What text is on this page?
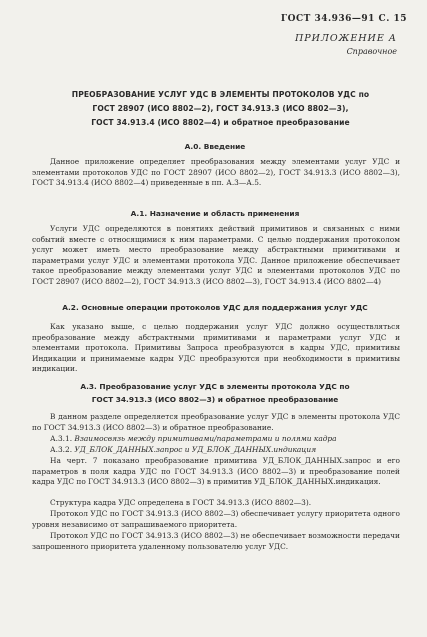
ГОСТ 34.936—91 С. 15
ПРИЛОЖЕНИЕ А
Справочное
ПРЕОБРАЗОВАНИЕ УСЛУГ УДС В ЭЛЕМЕНТЫ ПРОТОКОЛОВ УДС по
ГОСТ 28907 (ИСО 8802—2), ГОСТ 34.913.3 (ИСО 8802—3),
ГОСТ 34.913.4 (ИСО 8802—4) и обратное преобразование
А.0. Введение
Данное приложение определяет преобразования между элементами услуг УДС и элементами протоколов УДС по ГОСТ 28907 (ИСО 8802—2), ГОСТ 34.913.3 (ИСО 8802—3), ГОСТ 34.913.4 (ИСО 8802—4) приведенные в пп. А.3—А.5.
А.1. Назначение и область применения
Услуги УДС определяются в понятиях действий примитивов и связанных с ними событий вместе с относящимися к ним параметрами. С целью поддержания протоколом услуг может иметь место преобразование между абстрактными примитивами и параметрами услуг УДС и элементами протокола УДС. Данное приложение обеспечивает такое преобразование между элементами услуг УДС и элементами протоколов УДС по ГОСТ 28907 (ИСО 8802—2), ГОСТ 34.913.3 (ИСО 8802—3), ГОСТ 34.913.4 (ИСО 8802—4)
А.2. Основные операции протоколов УДС для поддержания услуг УДС
Как указано выше, с целью поддержания услуг УДС должно осуществляться преобразование между абстрактными примитивами и параметрами услуг УДС и элементами протокола. Примитивы Запроса преобразуются в кадры УДС, примитивы Индикации и принимаемые кадры УДС преобразуются при необходимости в примитивы индикации.
А.3. Преобразование услуг УДС в элементы протокола УДС по
ГОСТ 34.913.3 (ИСО 8802—3) и обратное преобразование
В данном разделе определяется преобразование услуг УДС в элементы протокола УДС по ГОСТ 34.913.3 (ИСО 8802—3) и обратное преобразование.
А.3.1. Взаимосвязь между примитивами/параметрами и полями кадра
А.3.2. УД_БЛОК_ДАННЫХ.запрос и УД_БЛОК_ДАННЫХ.индикация
На черт. 7 показано преобразование примитива УД_БЛОК_ДАННЫХ.запрос и его параметров в поля кадра УДС по ГОСТ 34.913.3 (ИСО 8802—3) и преобразование полей кадра УДС по ГОСТ 34.913.3 (ИСО 8802—3) в примитив УД_БЛОК_ДАННЫХ.индикация.
Структура кадра УДС определена в ГОСТ 34.913.3 (ИСО 8802—3).
Протокол УДС по ГОСТ 34.913.3 (ИСО 8802—3) обеспечивает услугу приоритета одного уровня независимо от запрашиваемого приоритета.
Протокол УДС по ГОСТ 34.913.3 (ИСО 8802—3) не обеспечивает возможности передачи запрошенного приоритета удаленному пользователю услуг УДС.
